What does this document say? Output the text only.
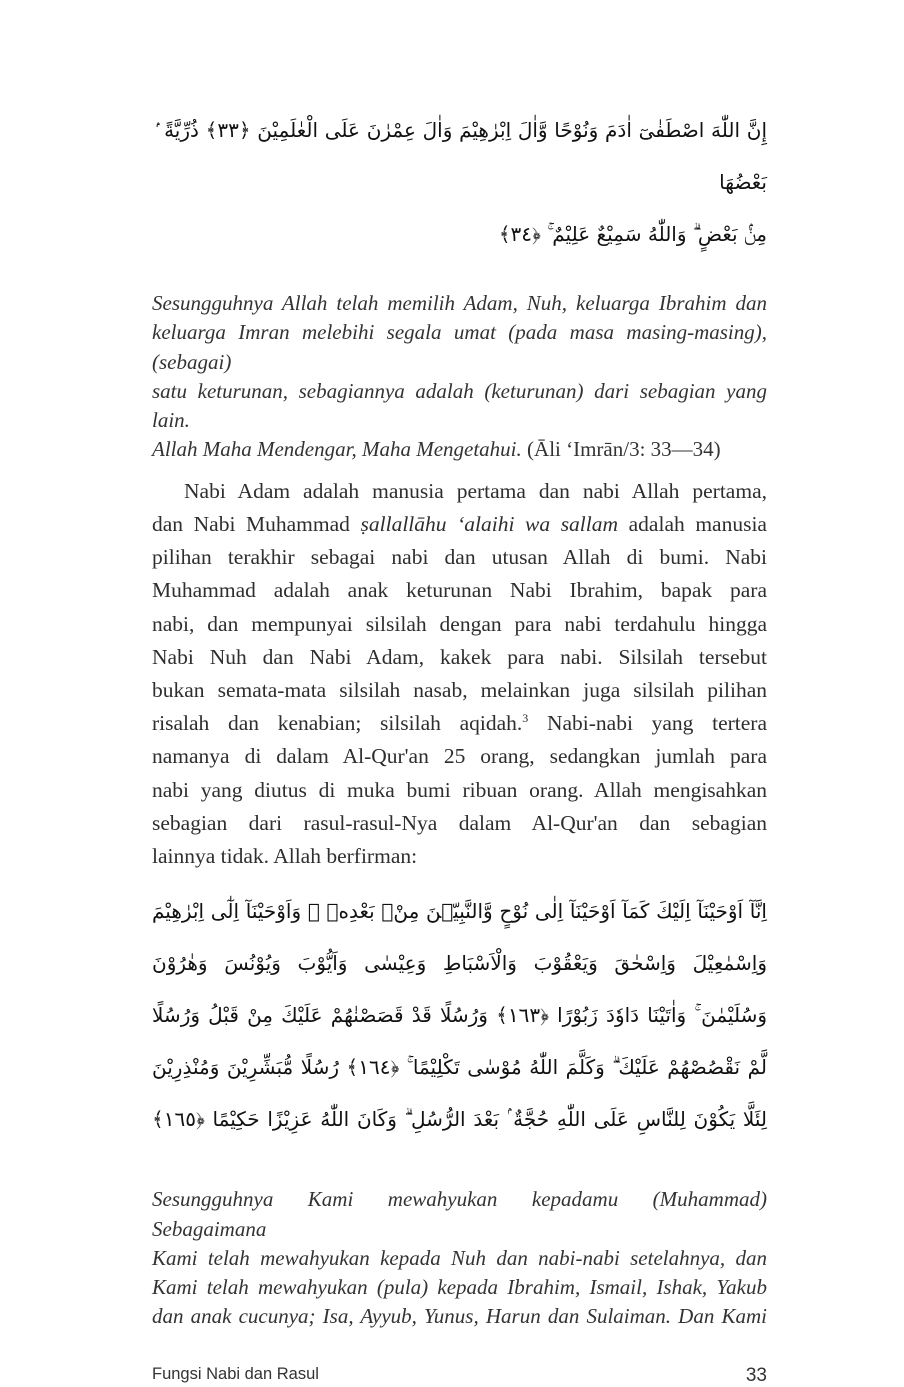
إِنَّ اللّٰهَ اصْطَفٰىٓ اٰدَمَ وَنُوْحًا وَّاٰلَ اِبْرٰهِيْمَ وَاٰلَ عِمْرٰنَ عَلَى الْعٰلَمِيْنَ ﴿٣٣﴾ ذُرِّيَّةً ۢ بَعْضُهَا
مِنْۢ بَعْضٍ ۗ وَاللّٰهُ سَمِيْعٌ عَلِيْمٌ ۚ ﴿٣٤﴾
Sesungguhnya Allah telah memilih Adam, Nuh, keluarga Ibrahim dan
keluarga Imran melebihi segala umat (pada masa masing-masing), (sebagai)
satu keturunan, sebagiannya adalah (keturunan) dari sebagian yang lain.
Allah Maha Mendengar, Maha Mengetahui. (Āli ‘Imrān/3: 33—34)
Nabi Adam adalah manusia pertama dan nabi Allah pertama,
dan Nabi Muhammad ṣallallāhu ‘alaihi wa sallam adalah manusia
pilihan terakhir sebagai nabi dan utusan Allah di bumi. Nabi
Muhammad adalah anak keturunan Nabi Ibrahim, bapak para
nabi, dan mempunyai silsilah dengan para nabi terdahulu hingga
Nabi Nuh dan Nabi Adam, kakek para nabi. Silsilah tersebut
bukan semata-mata silsilah nasab, melainkan juga silsilah pilihan
risalah dan kenabian; silsilah aqidah.$^3$ Nabi-nabi yang tertera
namanya di dalam Al-Qur'an 25 orang, sedangkan jumlah para
nabi yang diutus di muka bumi ribuan orang. Allah mengisahkan
sebagian dari rasul-rasul-Nya dalam Al-Qur'an dan sebagian
lainnya tidak. Allah berfirman:
اِنَّآ اَوْحَيْنَآ اِلَيْكَ كَمَآ اَوْحَيْنَآ اِلٰى نُوْحٍ وَّالنَّبِيّٖنَ مِنْۢ بَعْدِهٖ ۚ وَاَوْحَيْنَآ اِلٰٓى اِبْرٰهِيْمَ
وَاِسْمٰعِيْلَ وَاِسْحٰقَ وَيَعْقُوْبَ وَالْاَسْبَاطِ وَعِيْسٰى وَاَيُّوْبَ وَيُوْنُسَ وَهٰرُوْنَ
وَسُلَيْمٰنَ ۚ وَاٰتَيْنَا دَاوٗدَ زَبُوْرًا ﴿١٦٣﴾ وَرُسُلًا قَدْ قَصَصْنٰهُمْ عَلَيْكَ مِنْ قَبْلُ وَرُسُلًا
لَّمْ نَقْصُصْهُمْ عَلَيْكَ ۗ وَكَلَّمَ اللّٰهُ مُوْسٰى تَكْلِيْمًا ۚ ﴿١٦٤﴾ رُسُلًا مُّبَشِّرِيْنَ وَمُنْذِرِيْنَ
لِئَلَّا يَكُوْنَ لِلنَّاسِ عَلَى اللّٰهِ حُجَّةٌ ۢ بَعْدَ الرُّسُلِ ۗ وَكَانَ اللّٰهُ عَزِيْزًا حَكِيْمًا ﴿١٦٥﴾
Sesungguhnya Kami mewahyukan kepadamu (Muhammad) Sebagaimana
Kami telah mewahyukan kepada Nuh dan nabi-nabi setelahnya, dan
Kami telah mewahyukan (pula) kepada Ibrahim, Ismail, Ishak, Yakub
dan anak cucunya; Isa, Ayyub, Yunus, Harun dan Sulaiman. Dan Kami
Fungsi Nabi dan Rasul	33
